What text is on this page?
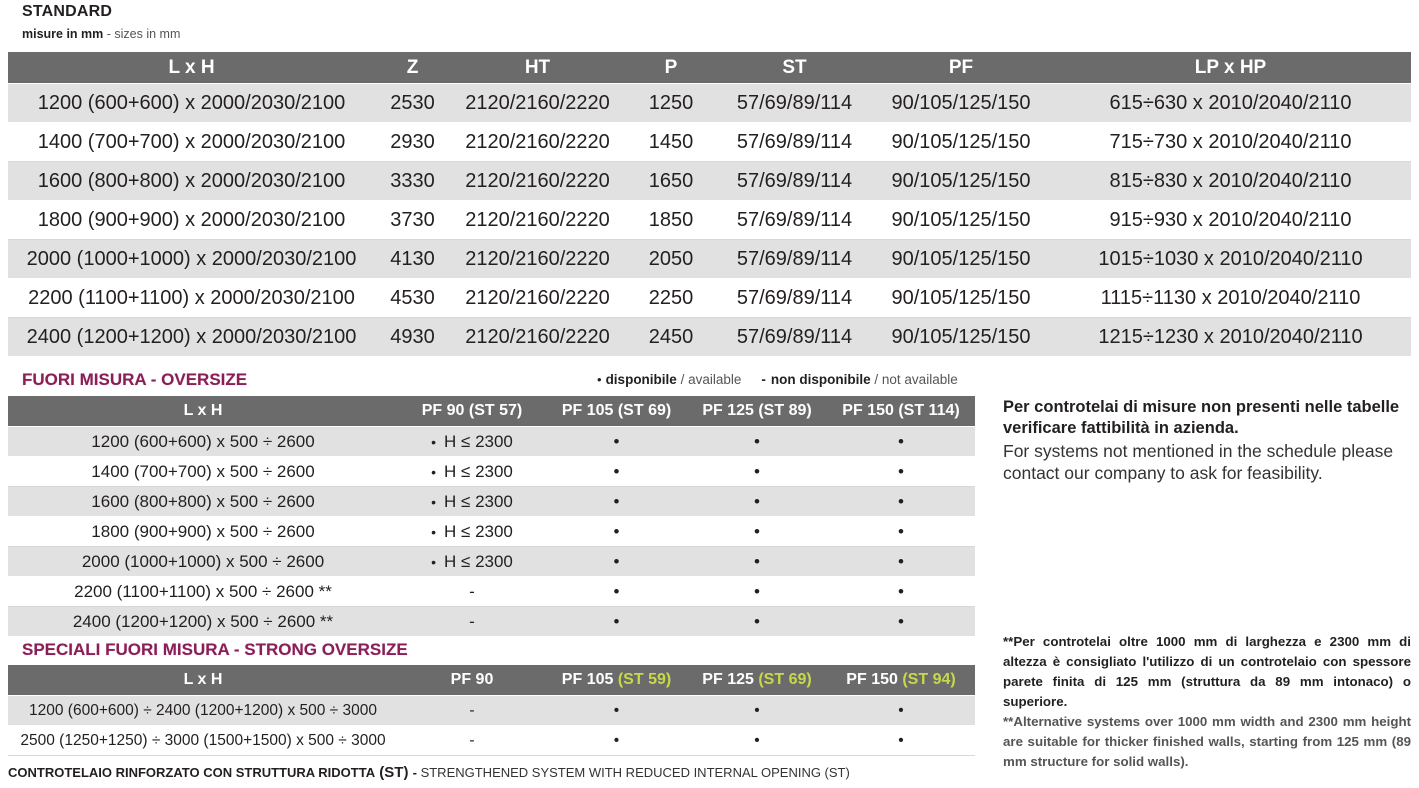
STANDARD
misure in mm - sizes in mm
L x H	Z	HT	P	ST	PF	LP x HP
1200 (600+600) x 2000/2030/2100	2530	2120/2160/2220	1250	57/69/89/114	90/105/125/150	615÷630 x 2010/2040/2110
1400 (700+700) x 2000/2030/2100	2930	2120/2160/2220	1450	57/69/89/114	90/105/125/150	715÷730 x 2010/2040/2110
1600 (800+800) x 2000/2030/2100	3330	2120/2160/2220	1650	57/69/89/114	90/105/125/150	815÷830 x 2010/2040/2110
1800 (900+900) x 2000/2030/2100	3730	2120/2160/2220	1850	57/69/89/114	90/105/125/150	915÷930 x 2010/2040/2110
2000 (1000+1000) x 2000/2030/2100	4130	2120/2160/2220	2050	57/69/89/114	90/105/125/150	1015÷1030 x 2010/2040/2110
2200 (1100+1100) x 2000/2030/2100	4530	2120/2160/2220	2250	57/69/89/114	90/105/125/150	1115÷1130 x 2010/2040/2110
2400 (1200+1200) x 2000/2030/2100	4930	2120/2160/2220	2450	57/69/89/114	90/105/125/150	1215÷1230 x 2010/2040/2110
FUORI MISURA - OVERSIZE	• disponibile / available - non disponibile / not available
L x H	PF 90 (ST 57)	PF 105 (ST 69)	PF 125 (ST 89)	PF 150 (ST 114)
1200 (600+600) x 500 ÷ 2600	• H ≤ 2300	•	•	•
1400 (700+700) x 500 ÷ 2600	• H ≤ 2300	•	•	•
1600 (800+800) x 500 ÷ 2600	• H ≤ 2300	•	•	•
1800 (900+900) x 500 ÷ 2600	• H ≤ 2300	•	•	•
2000 (1000+1000) x 500 ÷ 2600	• H ≤ 2300	•	•	•
2200 (1100+1100) x 500 ÷ 2600 **	-	•	•	•
2400 (1200+1200) x 500 ÷ 2600 **	-	•	•	•
SPECIALI FUORI MISURA - STRONG OVERSIZE
L x H	PF 90	PF 105 (ST 59)	PF 125 (ST 69)	PF 150 (ST 94)
1200 (600+600) ÷ 2400 (1200+1200) x 500 ÷ 3000	-	•	•	•
2500 (1250+1250) ÷ 3000 (1500+1500) x 500 ÷ 3000	-	•	•	•
Per controtelai di misure non presenti nelle tabelle verificare fattibilità in azienda.
For systems not mentioned in the schedule please contact our company to ask for feasibility.
**Per controtelai oltre 1000 mm di larghezza e 2300 mm di altezza è consigliato l'utilizzo di un controtelaio con spessore parete finita di 125 mm (struttura da 89 mm intonaco) o superiore.
**Alternative systems over 1000 mm width and 2300 mm height are suitable for thicker finished walls, starting from 125 mm (89 mm structure for solid walls).
CONTROTELAIO RINFORZATO CON STRUTTURA RIDOTTA (ST) - STRENGTHENED SYSTEM WITH REDUCED INTERNAL OPENING (ST)
